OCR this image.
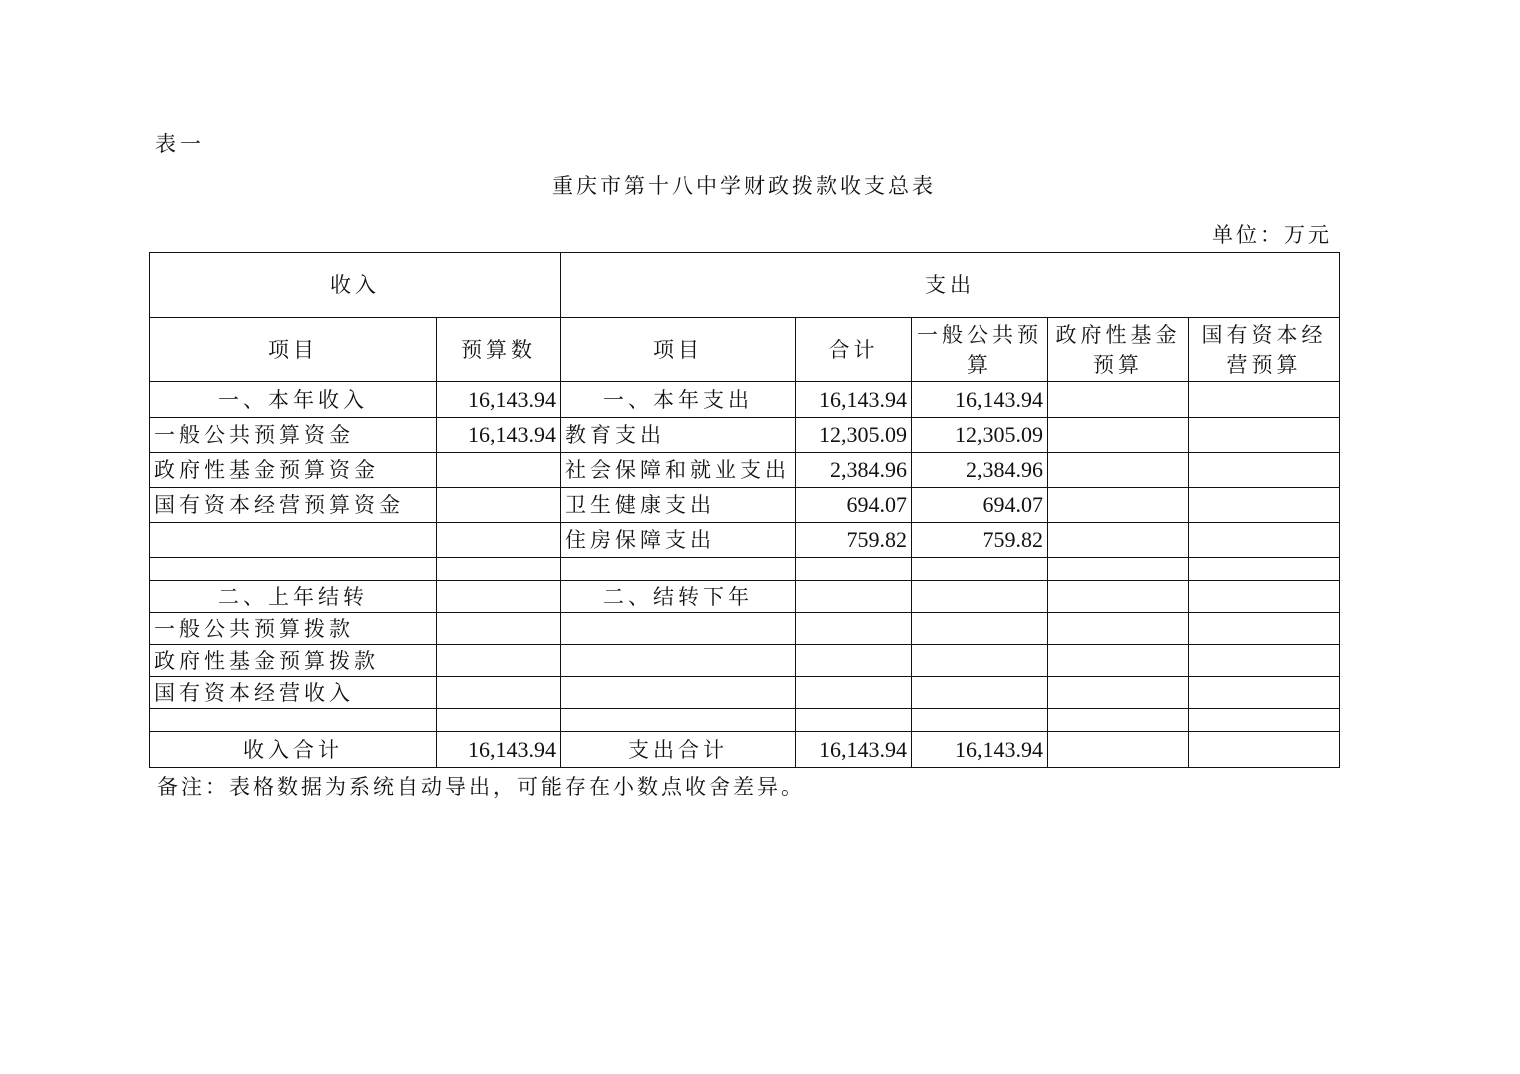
表一
重庆市第十八中学财政拨款收支总表
单位：万元
收入		支出				
项目	预算数	项目	合计	一般公共预算	政府性基金预算	国有资本经营预算
一、本年收入	16,143.94	一、本年支出	16,143.94	16,143.94		
一般公共预算资金	16,143.94	教育支出	12,305.09	12,305.09		
政府性基金预算资金		社会保障和就业支出	2,384.96	2,384.96		
国有资本经营预算资金		卫生健康支出	694.07	694.07		
		住房保障支出	759.82	759.82		

二、上年结转		二、结转下年				
一般公共预算拨款						
政府性基金预算拨款						
国有资本经营收入						

收入合计	16,143.94	支出合计	16,143.94	16,143.94		
备注：表格数据为系统自动导出，可能存在小数点收舍差异。
